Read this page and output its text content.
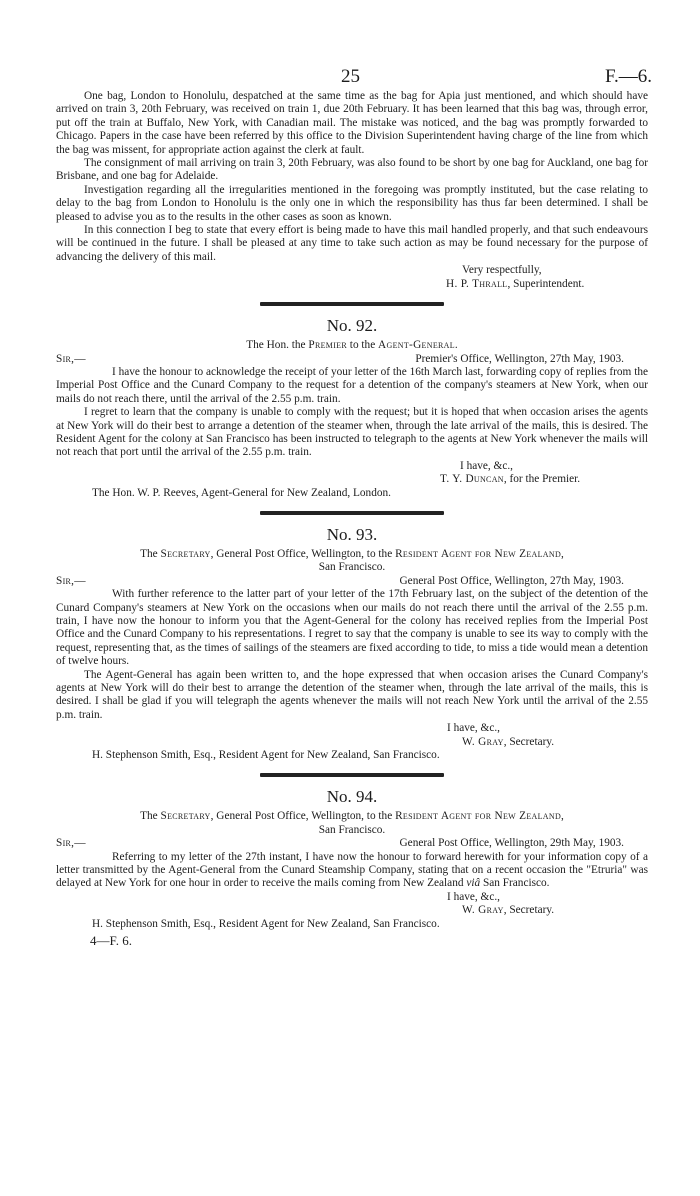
25	F.—6.

One bag, London to Honolulu, despatched at the same time as the bag for Apia just mentioned, and which should have arrived on train 3, 20th February, was received on train 1, due 20th February. It has been learned that this bag was, through error, put off the train at Buffalo, New York, with Canadian mail. The mistake was noticed, and the bag was promptly forwarded to Chicago. Papers in the case have been referred by this office to the Division Superintendent having charge of the line from which the bag was missent, for appropriate action against the clerk at fault.

The consignment of mail arriving on train 3, 20th February, was also found to be short by one bag for Auckland, one bag for Brisbane, and one bag for Adelaide.

Investigation regarding all the irregularities mentioned in the foregoing was promptly instituted, but the case relating to delay to the bag from London to Honolulu is the only one in which the responsibility has thus far been determined. I shall be pleased to advise you as to the results in the other cases as soon as known.

In this connection I beg to state that every effort is being made to have this mail handled properly, and that such endeavours will be continued in the future. I shall be pleased at any time to take such action as may be found necessary for the purpose of advancing the delivery of this mail.

Very respectfully,

H. P. Thrall, Superintendent.

No. 92.

The Hon. the Premier to the Agent-General.

Sir,—	Premier's Office, Wellington, 27th May, 1903.

I have the honour to acknowledge the receipt of your letter of the 16th March last, forwarding copy of replies from the Imperial Post Office and the Cunard Company to the request for a detention of the company's steamers at New York, when our mails do not reach there, until the arrival of the 2.55 p.m. train.

I regret to learn that the company is unable to comply with the request; but it is hoped that when occasion arises the agents at New York will do their best to arrange a detention of the steamer when, through the late arrival of the mails, this is desired. The Resident Agent for the colony at San Francisco has been instructed to telegraph to the agents at New York whenever the mails will not reach that port until the arrival of the 2.55 p.m. train.

I have, &c.,

T. Y. Duncan, for the Premier.

The Hon. W. P. Reeves, Agent-General for New Zealand, London.

No. 93.

The Secretary, General Post Office, Wellington, to the Resident Agent for New Zealand,

San Francisco.

Sir,—	General Post Office, Wellington, 27th May, 1903.

With further reference to the latter part of your letter of the 17th February last, on the subject of the detention of the Cunard Company's steamers at New York on the occasions when our mails do not reach there until the arrival of the 2.55 p.m. train, I have now the honour to inform you that the Agent-General for the colony has received replies from the Imperial Post Office and the Cunard Company to his representations. I regret to say that the company is unable to see its way to comply with the request, representing that, as the times of sailings of the steamers are fixed according to tide, to miss a tide would mean a detention of twelve hours.

The Agent-General has again been written to, and the hope expressed that when occasion arises the Cunard Company's agents at New York will do their best to arrange the detention of the steamer when, through the late arrival of the mails, this is desired. I shall be glad if you will telegraph the agents whenever the mails will not reach New York until the arrival of the 2.55 p.m. train.

I have, &c.,

W. Gray, Secretary.

H. Stephenson Smith, Esq., Resident Agent for New Zealand, San Francisco.

No. 94.

The Secretary, General Post Office, Wellington, to the Resident Agent for New Zealand,

San Francisco.

Sir,—	General Post Office, Wellington, 29th May, 1903.

Referring to my letter of the 27th instant, I have now the honour to forward herewith for your information copy of a letter transmitted by the Agent-General from the Cunard Steamship Company, stating that on a recent occasion the "Etruria" was delayed at New York for one hour in order to receive the mails coming from New Zealand viâ San Francisco.

I have, &c.,

W. Gray, Secretary.

H. Stephenson Smith, Esq., Resident Agent for New Zealand, San Francisco.

4—F. 6.
